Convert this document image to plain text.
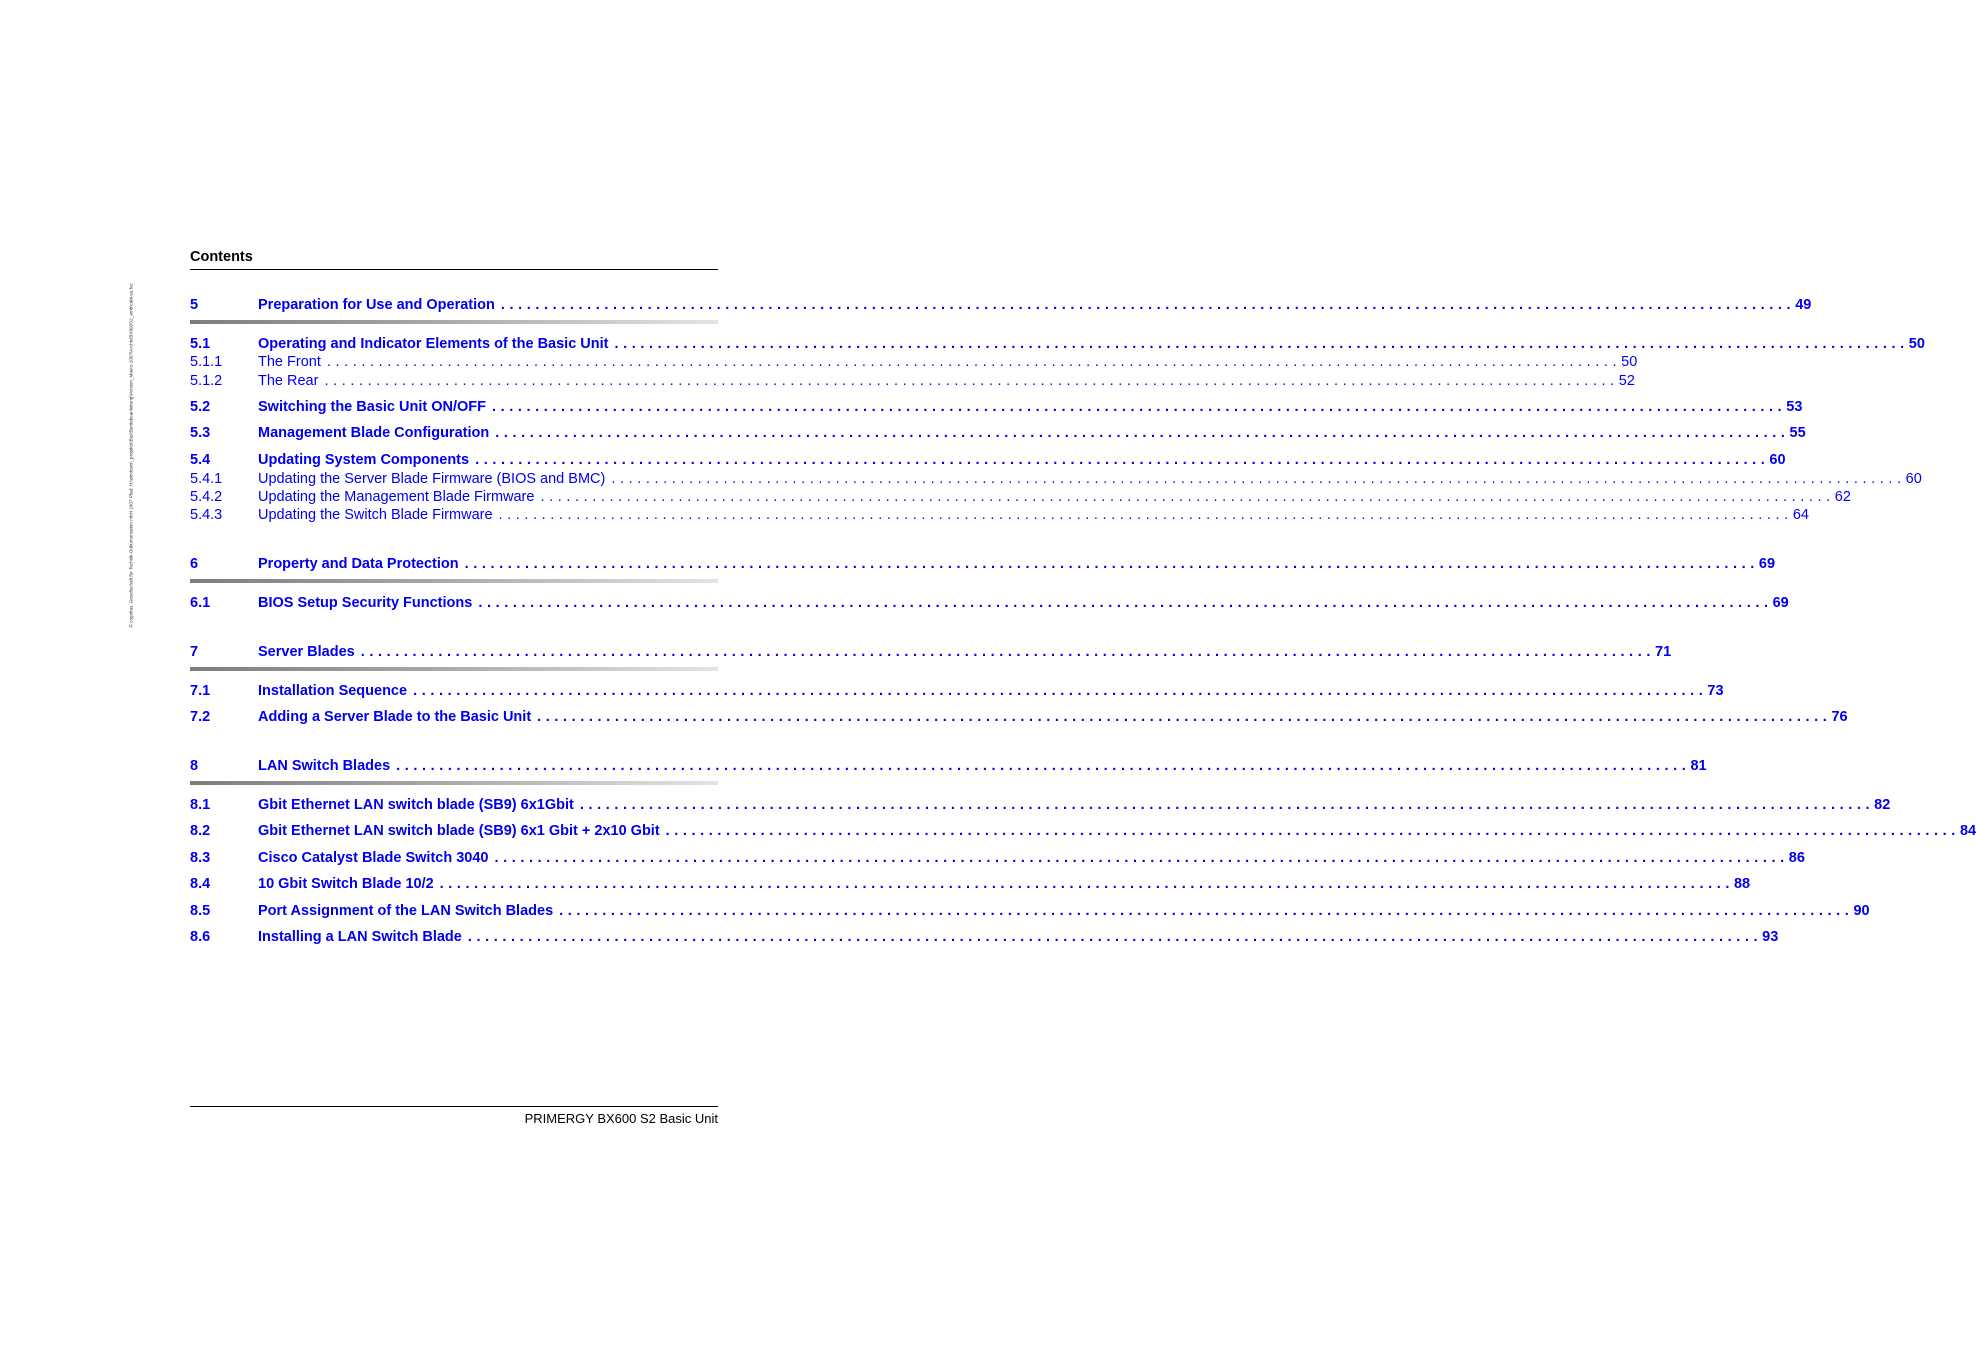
© cognitas. Gesellschaft für Technik-Dokumentation mbH 2007 Pfad: H:\windows\_projekte\Box\Betriebsanleitung\Version_Maerz-2007\Archiv\BX600S2_amb\cabi-us.fvz
Contents
5	Preparation for Use and Operation ...................................................................................................................................................... 49
5.1	Operating and Indicator Elements of the Basic Unit ...................................................................................................................................................... 50
5.1.1	The Front ...................................................................................................................................................... 50
5.1.2	The Rear ...................................................................................................................................................... 52
5.2	Switching the Basic Unit ON/OFF ...................................................................................................................................................... 53
5.3	Management Blade Configuration ...................................................................................................................................................... 55
5.4	Updating System Components ...................................................................................................................................................... 60
5.4.1	Updating the Server Blade Firmware (BIOS and BMC) ...................................................................................................................................................... 60
5.4.2	Updating the Management Blade Firmware ...................................................................................................................................................... 62
5.4.3	Updating the Switch Blade Firmware ...................................................................................................................................................... 64
6	Property and Data Protection ...................................................................................................................................................... 69
6.1	BIOS Setup Security Functions ...................................................................................................................................................... 69
7	Server Blades ...................................................................................................................................................... 71
7.1	Installation Sequence ...................................................................................................................................................... 73
7.2	Adding a Server Blade to the Basic Unit ...................................................................................................................................................... 76
8	LAN Switch Blades ...................................................................................................................................................... 81
8.1	Gbit Ethernet LAN switch blade (SB9) 6x1Gbit ...................................................................................................................................................... 82
8.2	Gbit Ethernet LAN switch blade (SB9) 6x1 Gbit + 2x10 Gbit ...................................................................................................................................................... 84
8.3	Cisco Catalyst Blade Switch 3040 ...................................................................................................................................................... 86
8.4	10 Gbit Switch Blade 10/2 ...................................................................................................................................................... 88
8.5	Port Assignment of the LAN Switch Blades ...................................................................................................................................................... 90
8.6	Installing a LAN Switch Blade ...................................................................................................................................................... 93
PRIMERGY BX600 S2 Basic Unit
